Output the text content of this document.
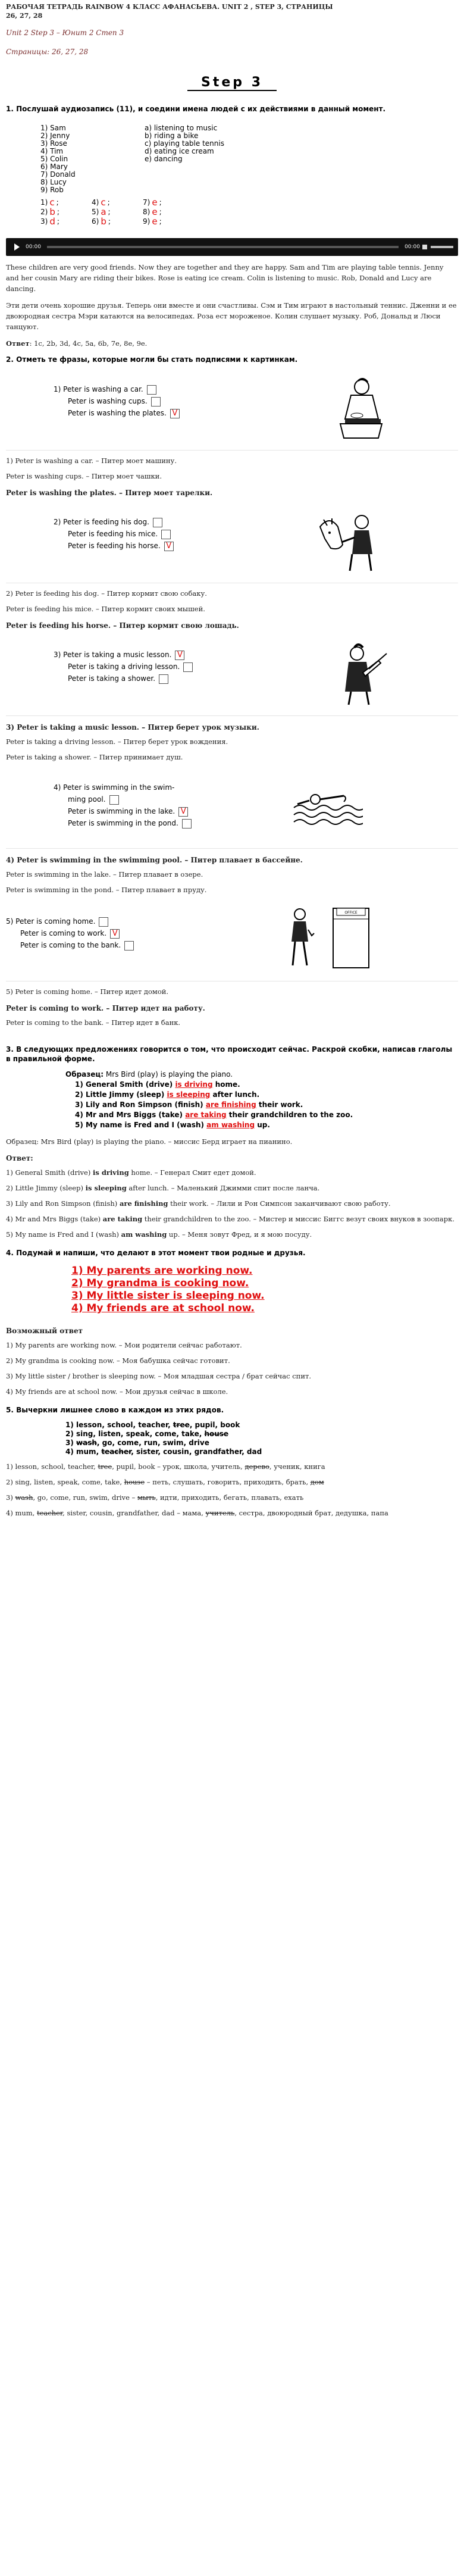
РАБОЧАЯ ТЕТРАДЬ RAINBOW 4 КЛАСС АФАНАСЬЕВА. UNIT 2 , STEP 3, СТРАНИЦЫ 26, 27, 28
Unit 2 Step 3 – Юнит 2 Степ 3
Страницы: 26, 27, 28
Step 3
1. Послушай аудиозапись (11), и соедини имена людей с их действиями в данный момент.
1) Sam
2) Jenny
3) Rose
4) Tim
5) Colin
6) Mary
7) Donald
8) Lucy
9) Rob
a) listening to music
b) riding a bike
c) playing table tennis
d) eating ice cream
e) dancing
1) c ;	4) c ;	7) e ;
2) b ;	5) a ;	8) e ;
3) d ;	6) b ;	9) e ;
00:00	00:00

These children are very good friends. Now they are together and they are happy. Sam and Tim are playing table tennis. Jenny and her cousin Mary are riding their bikes. Rose is eating ice cream. Colin is listening to music. Rob, Donald and Lucy are dancing.

Эти дети очень хорошие друзья. Теперь они вместе и они счастливы. Сэм и Тим играют в настольный теннис. Дженни и ее двоюродная сестра Мэри катаются на велосипедах. Роза ест мороженое. Колин слушает музыку. Роб, Дональд и Люси танцуют.

Ответ: 1c, 2b, 3d, 4c, 5a, 6b, 7e, 8e, 9e.

2. Отметь те фразы, которые могли бы стать подписями к картинкам.
1) Peter is washing a car.
Peter is washing cups.
Peter is washing the plates. V

1) Peter is washing a car. – Питер моет машину.

Peter is washing cups. – Питер моет чашки.

Peter is washing the plates. – Питер моет тарелки.

2) Peter is feeding his dog.
Peter is feeding his mice.
Peter is feeding his horse. V

2) Peter is feeding his dog. – Питер кормит свою собаку.

Peter is feeding his mice. – Питер кормит своих мышей.

Peter is feeding his horse. – Питер кормит свою лошадь.

3) Peter is taking a music lesson. V
Peter is taking a driving lesson.
Peter is taking a shower.

3) Peter is taking a music lesson. – Питер берет урок музыки.

Peter is taking a driving lesson. – Питер берет урок вождения.

Peter is taking a shower. – Питер принимает душ.

4) Peter is swimming in the swim-
ming pool.
Peter is swimming in the lake. V
Peter is swimming in the pond.

4) Peter is swimming in the swimming pool. – Питер плавает в бассейне.

Peter is swimming in the lake. – Питер плавает в озере.

Peter is swimming in the pond. – Питер плавает в пруду.

5) Peter is coming home.
Peter is coming to work. V
Peter is coming to the bank.
OFFICE

5) Peter is coming home. – Питер идет домой.

Peter is coming to work. – Питер идет на работу.

Peter is coming to the bank. – Питер идет в банк.

3. В следующих предложениях говорится о том, что происходит сейчас. Раскрой скобки, написав глаголы в правильной форме.
Образец: Mrs Bird (play) is playing the piano.
1) General Smith (drive) is driving home.
2) Little Jimmy (sleep) is sleeping after lunch.
3) Lily and Ron Simpson (finish) are finishing their work.
4) Mr and Mrs Biggs (take) are taking their grandchildren to the zoo.
5) My name is Fred and I (wash) am washing up.

Образец: Mrs Bird (play) is playing the piano. – миссис Берд играет на пианино.

Ответ:

1) General Smith (drive) is driving home. – Генерал Смит едет домой.

2) Little Jimmy (sleep) is sleeping after lunch. – Маленький Джимми спит после ланча.

3) Lily and Ron Simpson (finish) are finishing their work. – Лили и Рон Симпсон заканчивают свою работу.

4) Mr and Mrs Biggs (take) are taking their grandchildren to the zoo. – Мистер и миссис Биггс везут своих внуков в зоопарк.

5) My name is Fred and I (wash) am washing up. – Меня зовут Фред, и я мою посуду.

4. Подумай и напиши, что делают в этот момент твои родные и друзья.
1) My parents are working now.
2) My grandma is cooking now.
3) My little sister is sleeping now.
4) My friends are at school now.

Возможный ответ

1) My parents are working now. – Мои родители сейчас работают.

2) My grandma is cooking now. – Моя бабушка сейчас готовит.

3) My little sister / brother is sleeping now. – Моя младшая сестра / брат сейчас спит.

4) My friends are at school now. – Мои друзья сейчас в школе.

5. Вычеркни лишнее слово в каждом из этих рядов.
1) lesson, school, teacher, tree, pupil, book
2) sing, listen, speak, come, take, house
3) wash, go, come, run, swim, drive
4) mum, teacher, sister, cousin, grandfather, dad

1) lesson, school, teacher, tree, pupil, book – урок, школа, учитель, дерево, ученик, книга

2) sing, listen, speak, come, take, house – петь, слушать, говорить, приходить, брать, дом

3) wash, go, come, run, swim, drive – мыть, идти, приходить, бегать, плавать, ехать

4) mum, teacher, sister, cousin, grandfather, dad – мама, учитель, сестра, двоюродный брат, дедушка, папа
